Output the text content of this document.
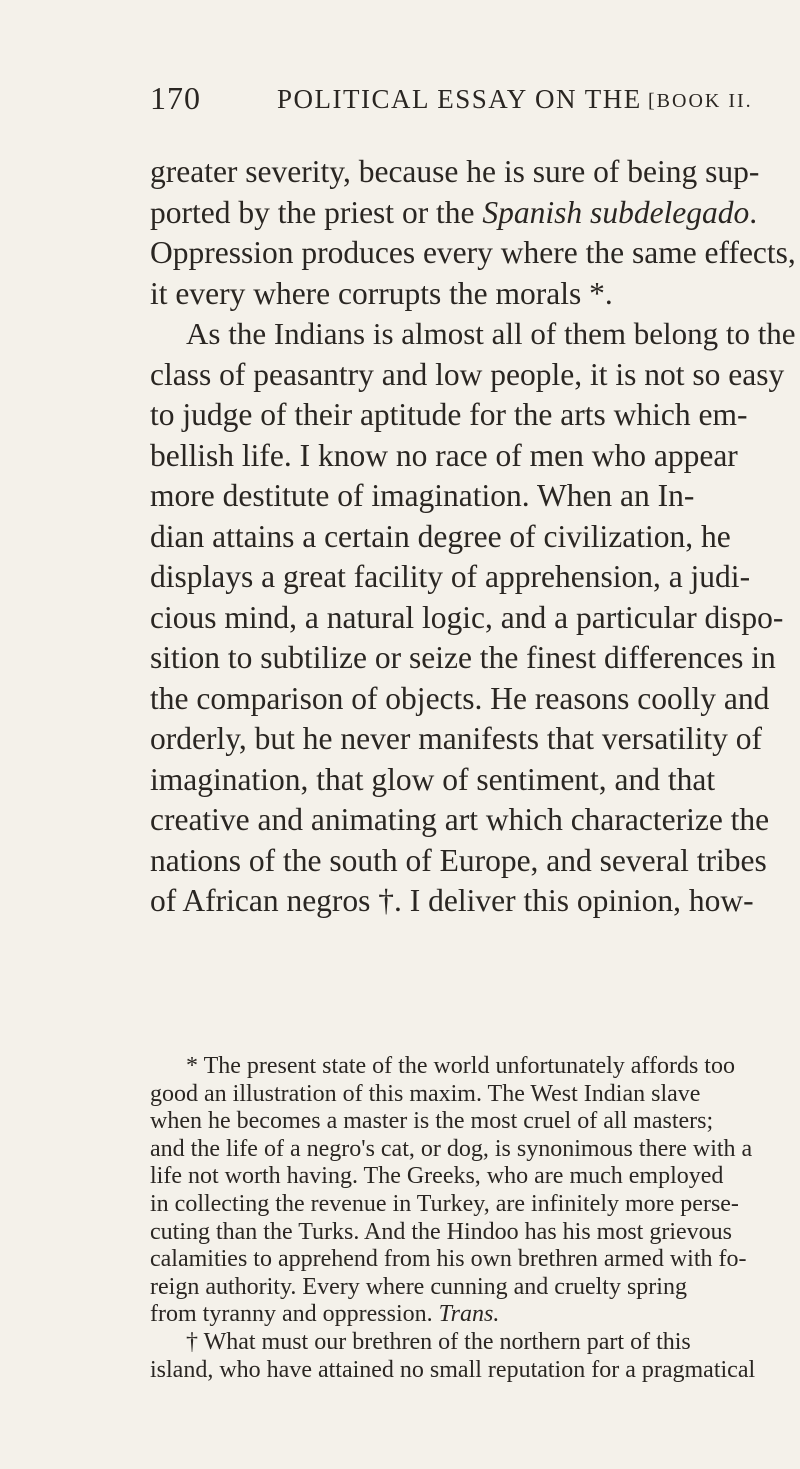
170	POLITICAL ESSAY ON THE [BOOK II.
greater severity, because he is sure of being sup-
ported by the priest or the Spanish subdelegado.
Oppression produces every where the same effects,
it every where corrupts the morals *.
As the Indians is almost all of them belong to the
class of peasantry and low people, it is not so easy
to judge of their aptitude for the arts which em-
bellish life. I know no race of men who appear
more destitute of imagination. When an In-
dian attains a certain degree of civilization, he
displays a great facility of apprehension, a judi-
cious mind, a natural logic, and a particular dispo-
sition to subtilize or seize the finest differences in
the comparison of objects. He reasons coolly and
orderly, but he never manifests that versatility of
imagination, that glow of sentiment, and that
creative and animating art which characterize the
nations of the south of Europe, and several tribes
of African negros †. I deliver this opinion, how-
* The present state of the world unfortunately affords too
good an illustration of this maxim. The West Indian slave
when he becomes a master is the most cruel of all masters;
and the life of a negro's cat, or dog, is synonimous there with a
life not worth having. The Greeks, who are much employed
in collecting the revenue in Turkey, are infinitely more perse-
cuting than the Turks. And the Hindoo has his most grievous
calamities to apprehend from his own brethren armed with fo-
reign authority. Every where cunning and cruelty spring
from tyranny and oppression. Trans.
† What must our brethren of the northern part of this
island, who have attained no small reputation for a pragmatical
